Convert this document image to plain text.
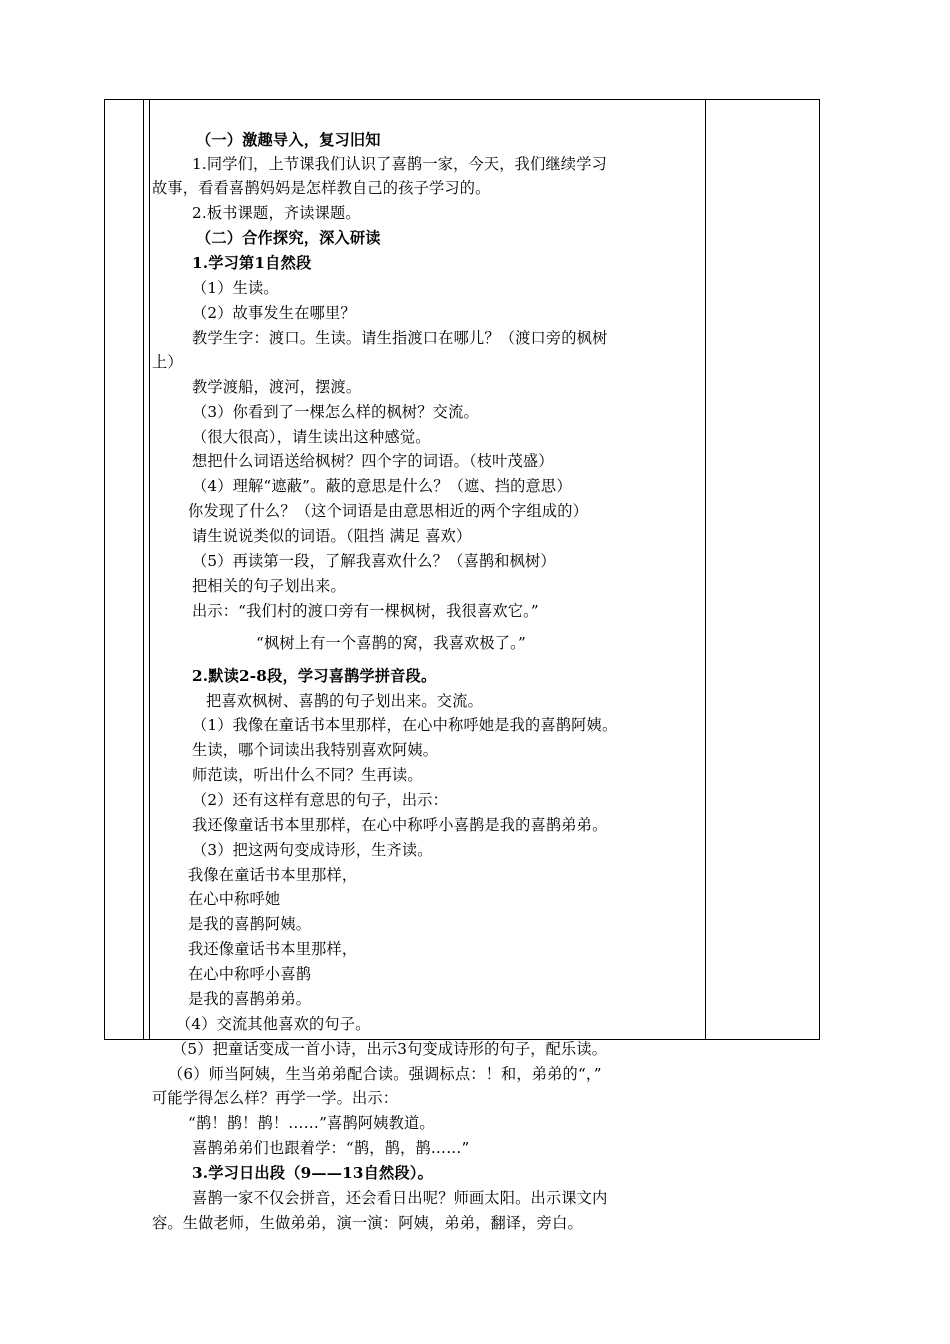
（一）激趣导入，复习旧知
1.同学们，上节课我们认识了喜鹊一家，今天，我们继续学习
故事，看看喜鹊妈妈是怎样教自己的孩子学习的。
2.板书课题，齐读课题。
（二）合作探究，深入研读
1.学习第1自然段
（1）生读。
（2）故事发生在哪里？
教学生字：渡口。生读。请生指渡口在哪儿？（渡口旁的枫树
上）
教学渡船，渡河，摆渡。
（3）你看到了一棵怎么样的枫树？交流。
（很大很高），请生读出这种感觉。
想把什么词语送给枫树？四个字的词语。（枝叶茂盛）
（4）理解“遮蔽”。蔽的意思是什么？（遮、挡的意思）
你发现了什么？（这个词语是由意思相近的两个字组成的）
请生说说类似的词语。（阻挡 满足 喜欢）
（5）再读第一段，了解我喜欢什么？（喜鹊和枫树）
把相关的句子划出来。
出示：“我们村的渡口旁有一棵枫树，我很喜欢它。”
“枫树上有一个喜鹊的窝，我喜欢极了。”
2.默读2-8段，学习喜鹊学拼音段。
把喜欢枫树、喜鹊的句子划出来。交流。
（1）我像在童话书本里那样，在心中称呼她是我的喜鹊阿姨。
生读，哪个词读出我特别喜欢阿姨。
师范读，听出什么不同？生再读。
（2）还有这样有意思的句子，出示：
我还像童话书本里那样，在心中称呼小喜鹊是我的喜鹊弟弟。
（3）把这两句变成诗形，生齐读。
我像在童话书本里那样，
在心中称呼她
是我的喜鹊阿姨。
我还像童话书本里那样，
在心中称呼小喜鹊
是我的喜鹊弟弟。
（4）交流其他喜欢的句子。
（5）把童话变成一首小诗，出示3句变成诗形的句子，配乐读。
（6）师当阿姨，生当弟弟配合读。强调标点：！和，弟弟的“，”
可能学得怎么样？再学一学。出示：
“鹊！鹊！鹊！……”喜鹊阿姨教道。
喜鹊弟弟们也跟着学：“鹊，鹊，鹊……”
3.学习日出段（9——13自然段）。
喜鹊一家不仅会拼音，还会看日出呢？师画太阳。出示课文内
容。生做老师，生做弟弟，演一演：阿姨，弟弟，翻译，旁白。
